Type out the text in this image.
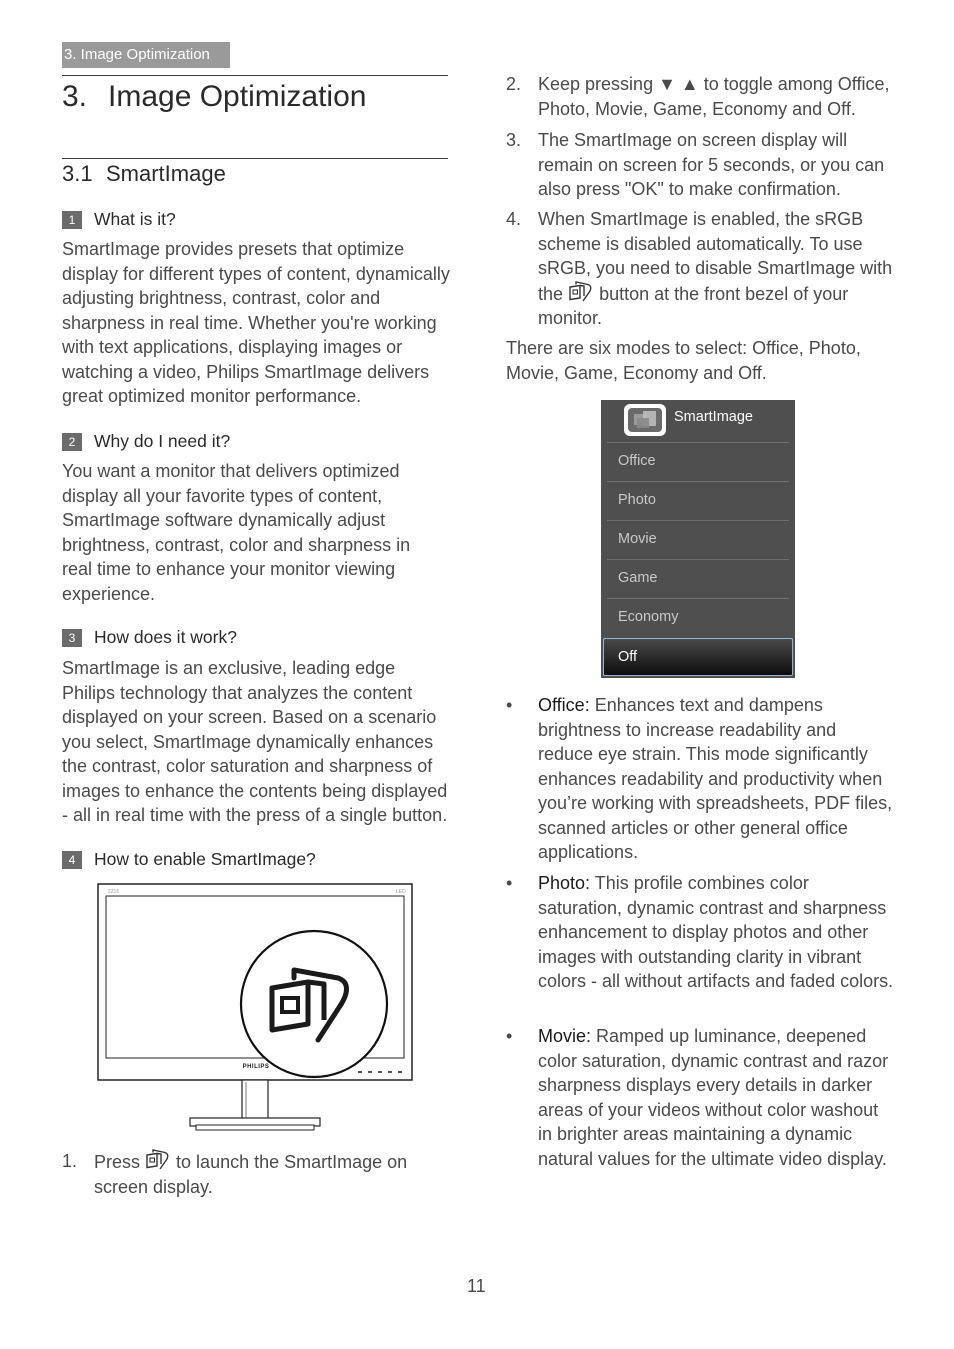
3. Image Optimization
3. Image Optimization
3.1 SmartImage
1 What is it?
SmartImage provides presets that optimize display for different types of content, dynamically adjusting brightness, contrast, color and sharpness in real time. Whether you're working with text applications, displaying images or watching a video, Philips SmartImage delivers great optimized monitor performance.
2 Why do I need it?
You want a monitor that delivers optimized display all your favorite types of content, SmartImage software dynamically adjust brightness, contrast, color and sharpness in real time to enhance your monitor viewing experience.
3 How does it work?
SmartImage is an exclusive, leading edge Philips technology that analyzes the content displayed on your screen. Based on a scenario you select, SmartImage dynamically enhances the contrast, color saturation and sharpness of images to enhance the contents being displayed - all in real time with the press of a single button.
4 How to enable SmartImage?
2216	LED
PHILIPS
1. Press to launch the SmartImage on screen display.
2. Keep pressing ▼ ▲ to toggle among Office, Photo, Movie, Game, Economy and Off.
3. The SmartImage on screen display will remain on screen for 5 seconds, or you can also press "OK" to make confirmation.
4. When SmartImage is enabled, the sRGB scheme is disabled automatically. To use sRGB, you need to disable SmartImage with the button at the front bezel of your monitor.
There are six modes to select: Office, Photo, Movie, Game, Economy and Off.
SmartImage
Office
Photo
Movie
Game
Economy
Off
• Office: Enhances text and dampens brightness to increase readability and reduce eye strain. This mode significantly enhances readability and productivity when you’re working with spreadsheets, PDF files, scanned articles or other general office applications.
• Photo: This profile combines color saturation, dynamic contrast and sharpness enhancement to display photos and other images with outstanding clarity in vibrant colors - all without artifacts and faded colors.
• Movie: Ramped up luminance, deepened color saturation, dynamic contrast and razor sharpness displays every details in darker areas of your videos without color washout in brighter areas maintaining a dynamic natural values for the ultimate video display.
11
